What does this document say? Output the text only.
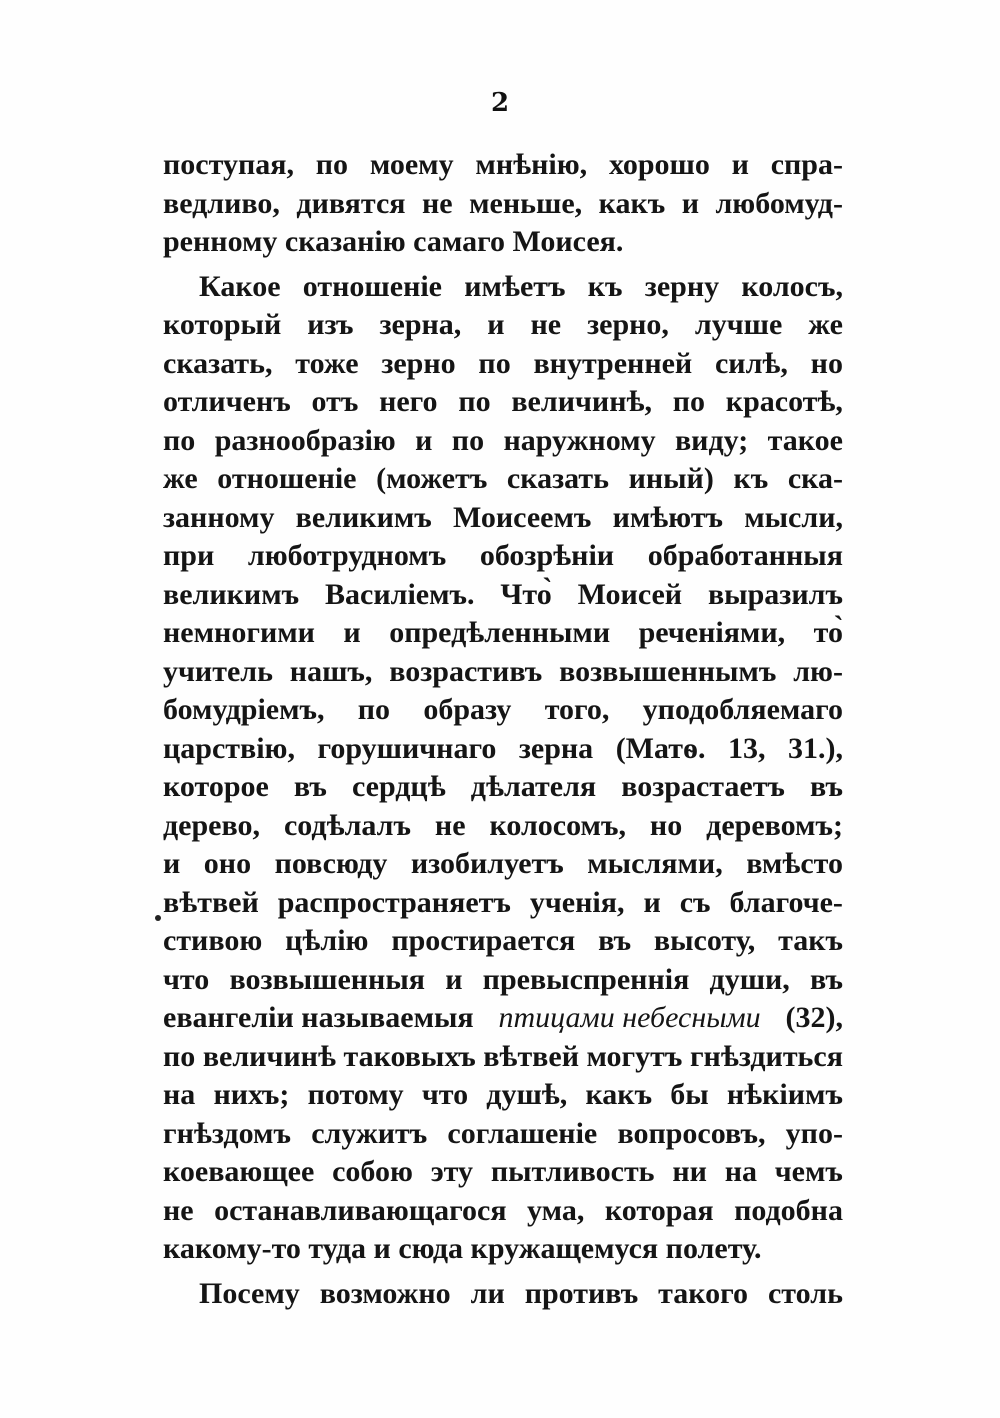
2
поступая, по моему мнѣнію, хорошо и спра-
ведливо, дивятся не меньше, какъ и любомуд-
ренному сказанію самаго Моисея.
Какое отношеніе имѣетъ къ зерну колосъ,
который изъ зерна, и не зерно, лучше же
сказать, тоже зерно по внутренней силѣ, но
отличенъ отъ него по величинѣ, по красотѣ,
по разнообразію и по наружному виду; такое
же отношеніе (можетъ сказать иный) къ ска-
занному великимъ Моисеемъ имѣютъ мысли,
при люботрудномъ обозрѣніи обработанныя
великимъ Василіемъ. Что̀ Моисей выразилъ
немногими и опредѣленными реченіями, то̀
учитель нашъ, возрастивъ возвышеннымъ лю-
бомудріемъ, по образу того, уподобляемаго
царствію, горушичнаго зерна (Матѳ. 13, 31.),
которое въ сердцѣ дѣлателя возрастаетъ въ
дерево, содѣлалъ не колосомъ, но деревомъ;
и оно повсюду изобилуетъ мыслями, вмѣсто
вѣтвей распространяетъ ученія, и съ благоче-
стивою цѣлію простирается въ высоту, такъ
что возвышенныя и превыспреннія души, въ
евангеліи называемыя птицами небесными (32),
по величинѣ таковыхъ вѣтвей могутъ гнѣздиться
на нихъ; потому что душѣ, какъ бы нѣкіимъ
гнѣздомъ служитъ соглашеніе вопросовъ, упо-
коевающее собою эту пытливость ни на чемъ
не останавливающагося ума, которая подобна
какому-то туда и сюда кружащемуся полету.
Посему возможно ли противъ такого столь
